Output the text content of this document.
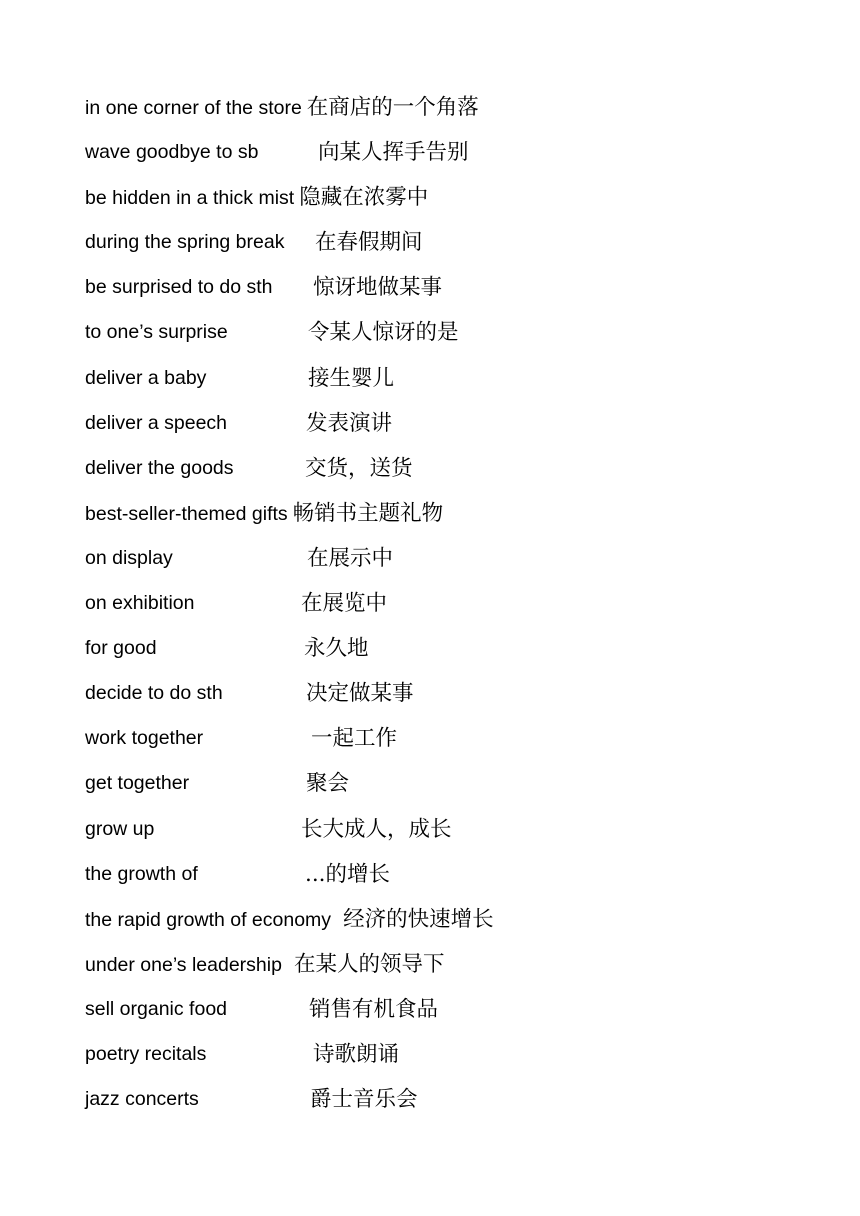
in one corner of the store 在商店的一个角落
wave goodbye to sb	向某人挥手告别
be hidden in a thick mist 隐藏在浓雾中
during the spring break 在春假期间
be surprised to do sth 惊讶地做某事
to one’s surprise	令某人惊讶的是
deliver a baby	接生婴儿
deliver a speech	发表演讲
deliver the goods	交货，送货
best-seller-themed gifts 畅销书主题礼物
on display	在展示中
on exhibition	在展览中
for good	永久地
decide to do sth	决定做某事
work together	一起工作
get together	聚会
grow up	长大成人，成长
the growth of	...的增长
the rapid growth of economy 经济的快速增长
under one’s leadership 在某人的领导下
sell organic food	销售有机食品
poetry recitals	诗歌朗诵
jazz concerts	爵士音乐会
